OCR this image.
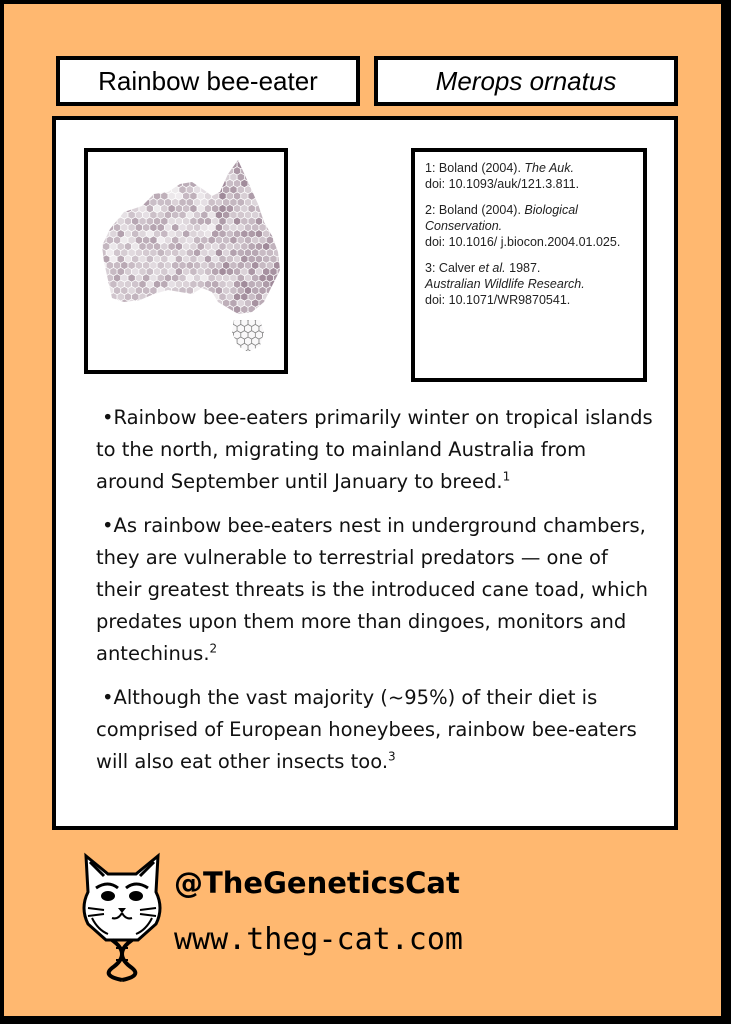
Rainbow bee-eater	Merops ornatus
1: Boland (2004). The Auk.
doi: 10.1093/auk/121.3.811.
2: Boland (2004). Biological Conservation.
doi: 10.1016/ j.biocon.2004.01.025.
3: Calver et al. 1987.
Australian Wildlife Research.
doi: 10.1071/WR9870541.
•Rainbow bee-eaters primarily winter on tropical islands to the north, migrating to mainland Australia from around September until January to breed.$^1$
•As rainbow bee-eaters nest in underground chambers, they are vulnerable to terrestrial predators — one of their greatest threats is the introduced cane toad, which predates upon them more than dingoes, monitors and antechinus.$^2$
•Although the vast majority (~95%) of their diet is comprised of European honeybees, rainbow bee-eaters will also eat other insects too.$^3$
@TheGeneticsCat
www.theg-cat.com
